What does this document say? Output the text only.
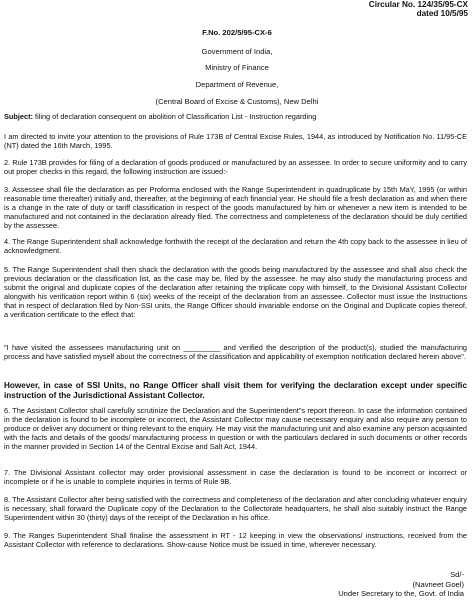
Circular No. 124/35/95-CX
dated 10/5/95
F.No. 202/5/95-CX-6
Government of India,
Ministry of Finance
Department of Revenue,
(Central Board of Excise & Customs), New Delhi

Subject: filing of declaration consequent on abolition of Classification List - Instruction regarding

I am directed to invite your attention to the provisions of Rule 173B of Central Excise Rules, 1944, as introduced by Notification No. 11/95-CE (NT) dated the 16th March, 1995.

2. Rule 173B provides for filing of a declaration of goods produced or manufactured by an assessee. In order to secure uniformity and to carry out proper checks in this regard, the following instruction are issued:-

3. Assessee shall file the declaration as per Proforma enclosed with the Range Superintendent in quadruplicate by 15th MaY, 1995 (or within reasonable time thereafter) initially and, thereafter, at the beginning of each financial year. He should file a fresh declaration as and when there is a change in the rate of duty or tariff classification in respect of the goods manufactured by him or whenever a new item is intended to be manufactured and not contained in the declaration already filed. The correctness and completeness of the declaration should be duly certified by the assessee.

4. The Range Superintendent shall acknowledge forthwith the receipt of the declaration and return the 4th copy back to the assessee in lieu of acknowledgment.

5. The Range Superintendent shall then shack the declaration with the goods being manufactured by the assessee and shall also check the previous declaration or the classification list, as the case may be, filed by the assessee. he may also study the manufacturing process and submit the original and duplicate copies of the declaration after retaining the triplicate copy with himself, to the Divisional Assistant Collector alongwith his verification report within 6 (six) weeks of the receipt of the declaration from an assessee. Collector must issue the Instructions that in respect of declaration filed by Non-SSI units, the Range Officer should invariable endorse on the Original and Duplicate copies thereof, a verification certificate to the effect that:

"I have visited the assessees manufacturing unit on _________ and verified the description of the product(s), studied the manufacturing process and have satisfied myself about the correctness of the classification and applicability of exemption notification declared herein above".

However, in case of SSI Units, no Range Officer shall visit them for verifying the declaration except under specific instruction of the Jurisdictional Assistant Collector.

6. The Assistant Collector shall carefully scrutinize the Declaration and the Superintendent"s report thereon. In case the information contained in the declaration is found to be incomplete or incorrect, the Assistant Collector may cause necessary enquiry and also require any person to produce or deliver any document or thing relevant to the enquiry. He may visit the manufacturing unit and also examine any person acquainted with the facts and details of the goods/ manufacturing process in question or with the particulars declared in such documents or other records in the manner provided in Section 14 of the Central Excise and Salt Act, 1944.

7. The Divisional Assistant collector may order provisional assessment in case the declaration is found to be incorrect or incorrect or incomplete or if he is unable to complete inquiries in terms of Rule 9B.

8. The Assistant Collector after being satisfied with the correctness and completeness of the declaration and after concluding whatever enquiry is necessary, shall forward the Duplicate copy of the Declaration to the Collectorate headquarters, he shall also suitably instruct the Range Superintendent within 30 (thirty) days of the receipt of the Declaration in his office.

9. The Ranges Superintendent Shall finalise the assessment in RT - 12 keeping in view the observations/ instructions, received from the Assistant Collector with reference to declarations. Show-cause Notice must be issued in time, wherever necessary.

Sd/-
(Navneet Goel)
Under Secretary to the, Govt. of India
